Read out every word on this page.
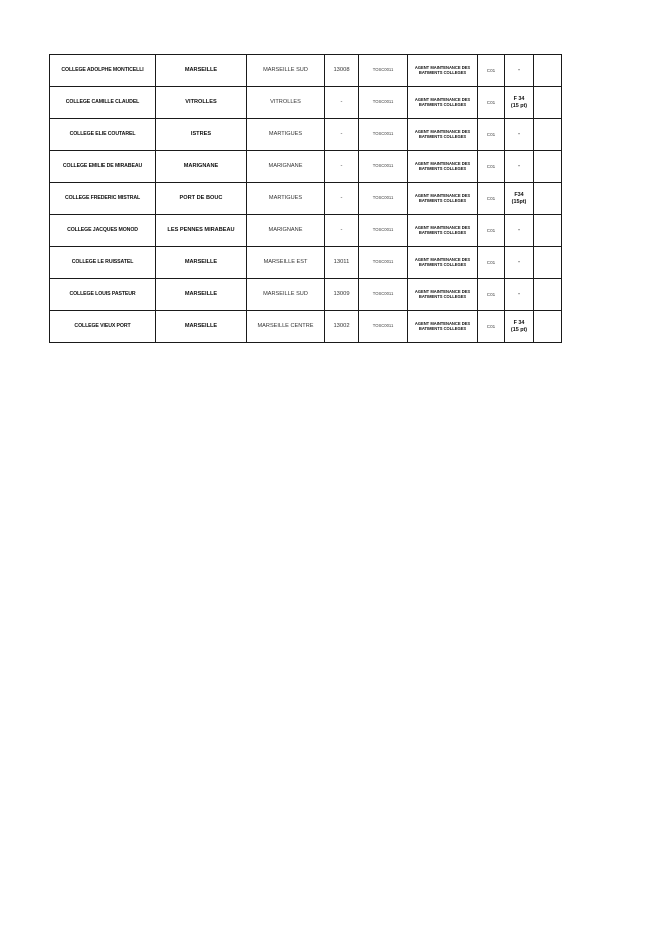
COLLEGE ADOLPHE MONTICELLI	MARSEILLE	MARSEILLE SUD	13008	TOSC0011	AGENT MAINTENANCE DES BATIMENTS COLLEGES	C01	-	

COLLEGE CAMILLE CLAUDEL	VITROLLES	VITROLLES	-	TOSC0011	AGENT MAINTENANCE DES BATIMENTS COLLEGES	C01	F 34
(15 pt)	

COLLEGE ELIE COUTAREL	ISTRES	MARTIGUES	-	TOSC0011	AGENT MAINTENANCE DES BATIMENTS COLLEGES	C01	-	

COLLEGE EMILIE DE MIRABEAU	MARIGNANE	MARIGNANE	-	TOSC0011	AGENT MAINTENANCE DES BATIMENTS COLLEGES	C01	-	

COLLEGE FREDERIC MISTRAL	PORT DE BOUC	MARTIGUES	-	TOSC0011	AGENT MAINTENANCE DES BATIMENTS COLLEGES	C01	F34
(15pt)	

COLLEGE JACQUES MONOD	LES PENNES MIRABEAU	MARIGNANE	-	TOSC0011	AGENT MAINTENANCE DES BATIMENTS COLLEGES	C01	-	

COLLEGE LE RUISSATEL	MARSEILLE	MARSEILLE EST	13011	TOSC0011	AGENT MAINTENANCE DES BATIMENTS COLLEGES	C01	-	

COLLEGE LOUIS PASTEUR	MARSEILLE	MARSEILLE SUD	13009	TOSC0011	AGENT MAINTENANCE DES BATIMENTS COLLEGES	C01	-	

COLLEGE VIEUX PORT	MARSEILLE	MARSEILLE CENTRE	13002	TOSC0011	AGENT MAINTENANCE DES BATIMENTS COLLEGES	C01	F 34
(15 pt)	
